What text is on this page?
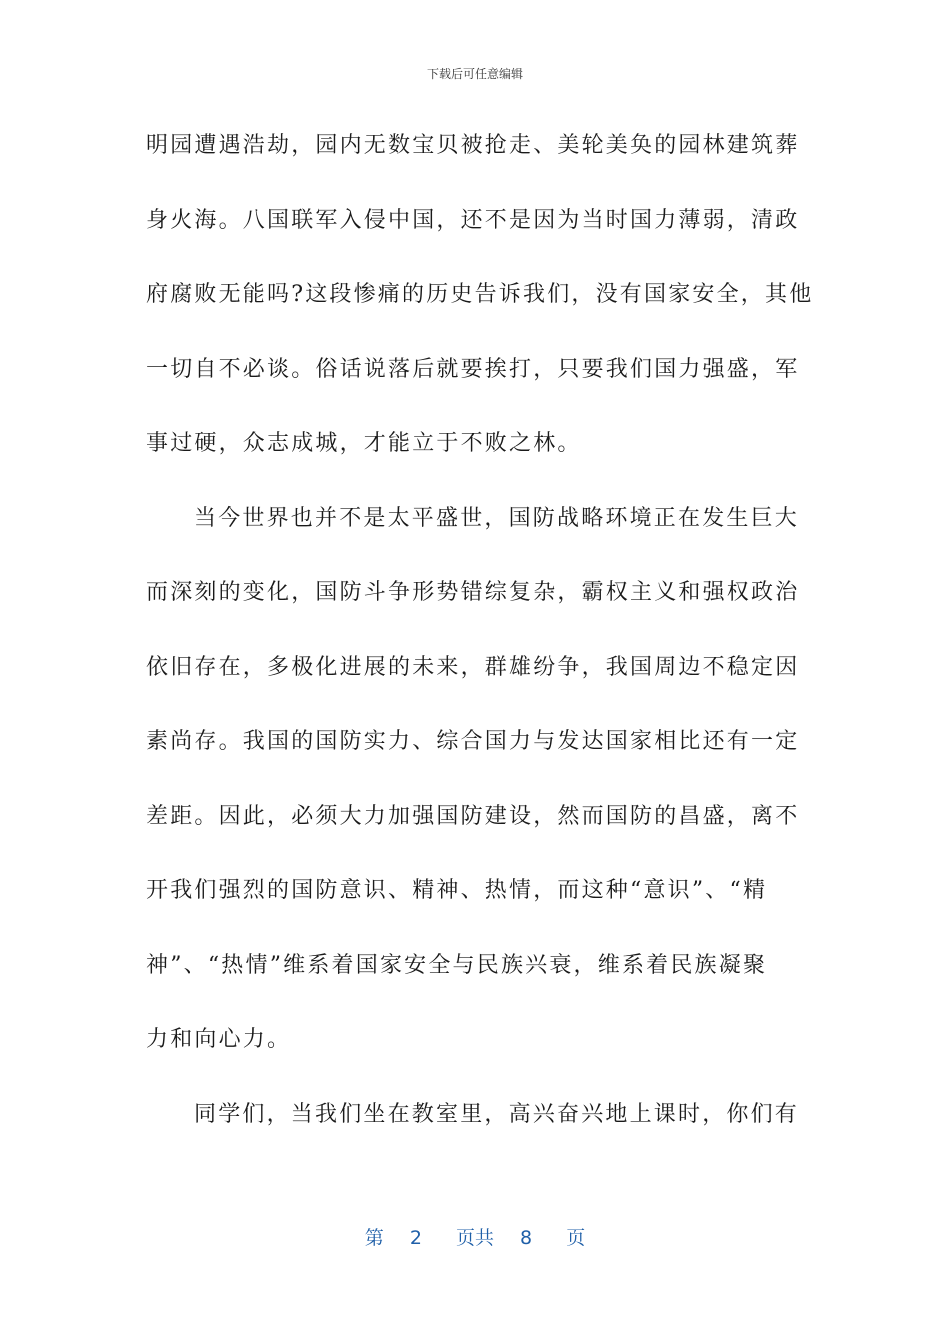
下载后可任意编辑
明园遭遇浩劫，园内无数宝贝被抢走、美轮美奂的园林建筑葬
身火海。八国联军入侵中国，还不是因为当时国力薄弱，清政
府腐败无能吗?这段惨痛的历史告诉我们，没有国家安全，其他
一切自不必谈。俗话说落后就要挨打，只要我们国力强盛，军
事过硬，众志成城，才能立于不败之林。
当今世界也并不是太平盛世，国防战略环境正在发生巨大
而深刻的变化，国防斗争形势错综复杂，霸权主义和强权政治
依旧存在，多极化进展的未来，群雄纷争，我国周边不稳定因
素尚存。我国的国防实力、综合国力与发达国家相比还有一定
差距。因此，必须大力加强国防建设，然而国防的昌盛，离不
开我们强烈的国防意识、精神、热情，而这种“意识”、“精
神”、“热情”维系着国家安全与民族兴衰，维系着民族凝聚
力和向心力。
同学们，当我们坐在教室里，高兴奋兴地上课时，你们有
第 2 页共 8 页
